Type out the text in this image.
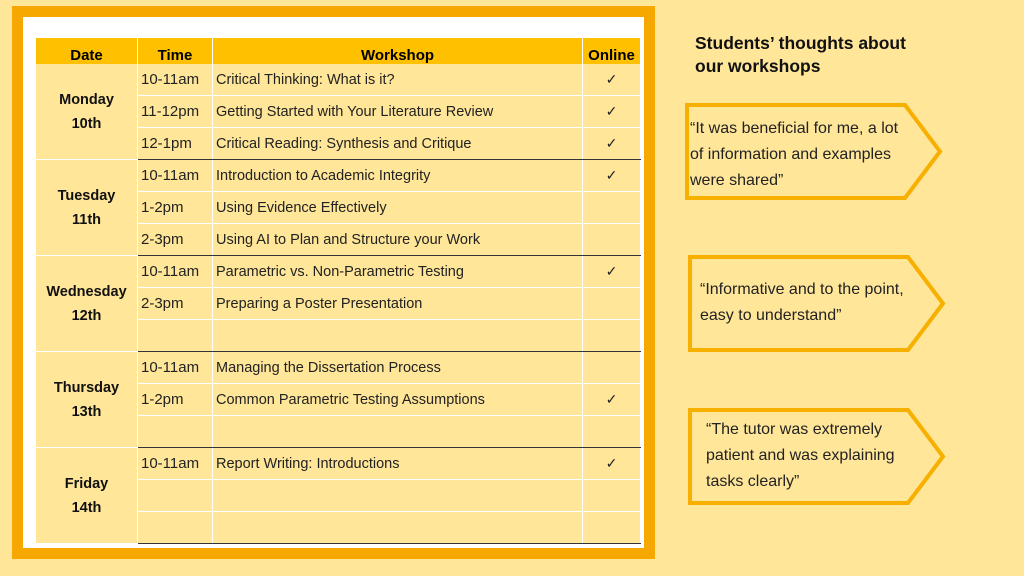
Date	Time	Workshop	Online

Monday
10th	10-11am	Critical Thinking: What is it?	✓
	11-12pm	Getting Started with Your Literature Review	✓
	12-1pm	Critical Reading: Synthesis and Critique	✓

Tuesday
11th	10-11am	Introduction to Academic Integrity	✓
	1-2pm	Using Evidence Effectively	
	2-3pm	Using AI to Plan and Structure your Work	

Wednesday
12th	10-11am	Parametric vs. Non-Parametric Testing	✓
	2-3pm	Preparing a Poster Presentation	

Thursday
13th	10-11am	Managing the Dissertation Process	
	1-2pm	Common Parametric Testing Assumptions	✓

Friday
14th	10-11am	Report Writing: Introductions	✓

Students’ thoughts about
our workshops
“It was beneficial for me, a lot
of information and examples
were shared”
“Informative and to the point,
easy to understand”
“The tutor was extremely
patient and was explaining
tasks clearly”
